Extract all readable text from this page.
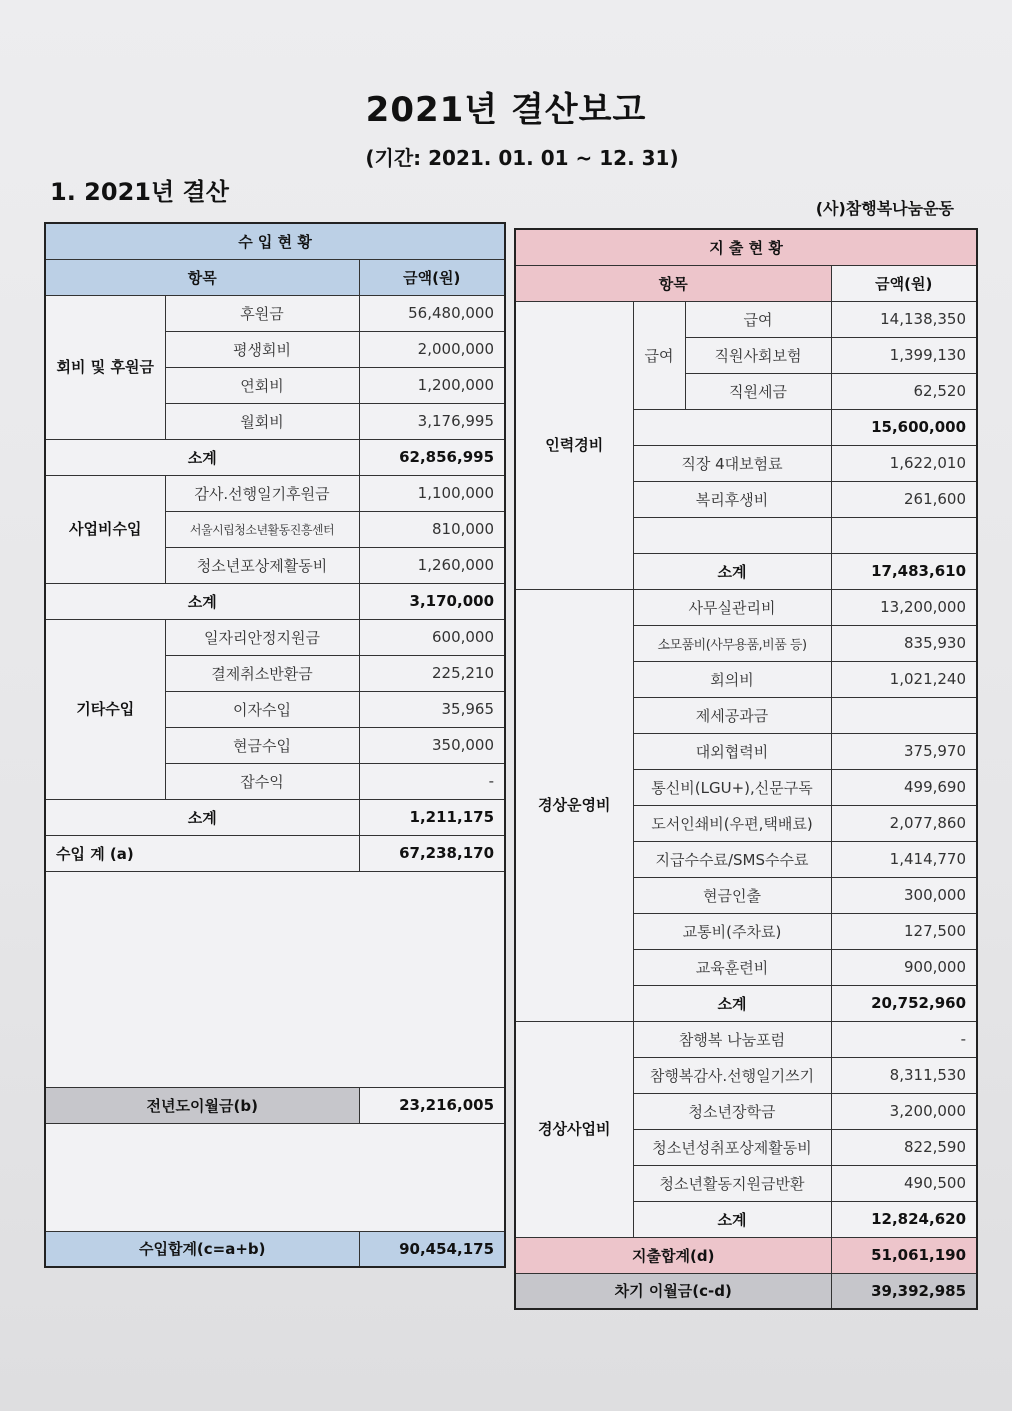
2021년 결산보고
(기간: 2021. 01. 01 ~ 12. 31)
1. 2021년 결산
(사)참행복나눔운동
수 입 현 황		
항목		금액(원)
회비 및 후원금	후원금	56,480,000
	평생회비	2,000,000
	연회비	1,200,000
	월회비	3,176,995
소계		62,856,995
사업비수입	감사.선행일기후원금	1,100,000
	서울시립청소년활동진흥센터	810,000
	청소년포상제활동비	1,260,000
소계		3,170,000
기타수입	일자리안정지원금	600,000
	결제취소반환금	225,210
	이자수입	35,965
	현금수입	350,000
	잡수익	-
소계		1,211,175
수입 계 (a)		67,238,170

전년도이월금(b)		23,216,005

수입합계(c=a+b)		90,454,175
지 출 현 황			
항목			금액(원)
인력경비	급여	급여	14,138,350
		직원사회보험	1,399,130
		직원세금	62,520
			15,600,000
	직장 4대보험료		1,622,010
	복리후생비		261,600

	소계		17,483,610
경상운영비	사무실관리비		13,200,000
	소모품비(사무용품,비품 등)		835,930
	회의비		1,021,240
	제세공과금		
	대외협력비		375,970
	통신비(LGU+),신문구독		499,690
	도서인쇄비(우편,택배료)		2,077,860
	지급수수료/SMS수수료		1,414,770
	현금인출		300,000
	교통비(주차료)		127,500
	교육훈련비		900,000
	소계		20,752,960
경상사업비	참행복 나눔포럼		-
	참행복감사.선행일기쓰기		8,311,530
	청소년장학금		3,200,000
	청소년성취포상제활동비		822,590
	청소년활동지원금반환		490,500
	소계		12,824,620
지출합계(d)			51,061,190
차기 이월금(c-d)			39,392,985
